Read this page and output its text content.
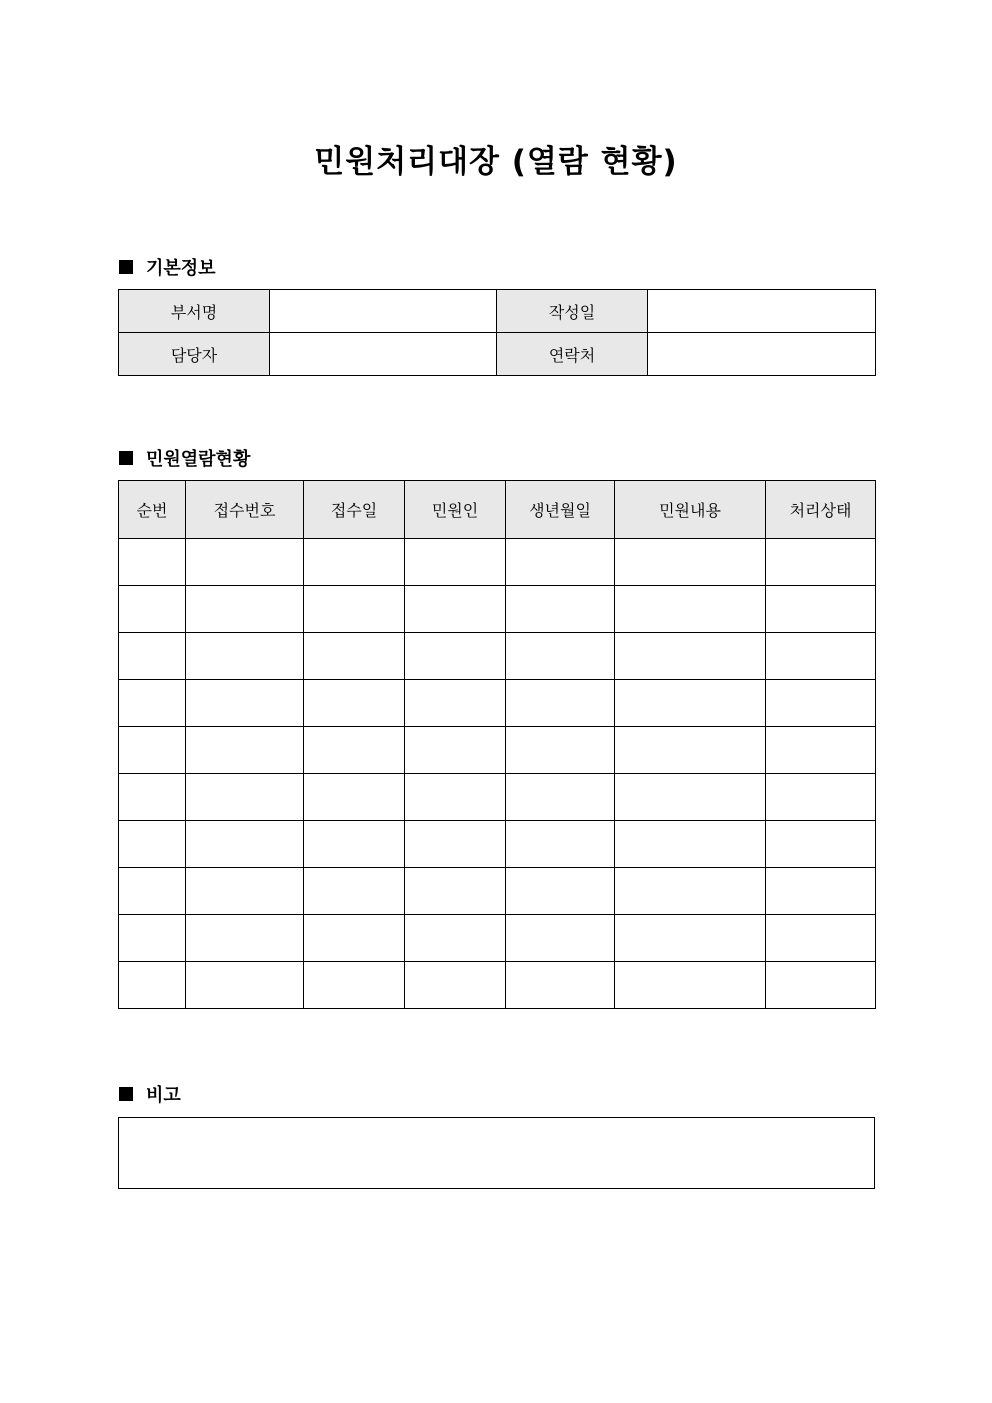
민원처리대장 (열람 현황)
기본정보
부서명		작성일	
담당자		연락처	
민원열람현황
순번	접수번호	접수일	민원인	생년월일	민원내용	처리상태

비고
